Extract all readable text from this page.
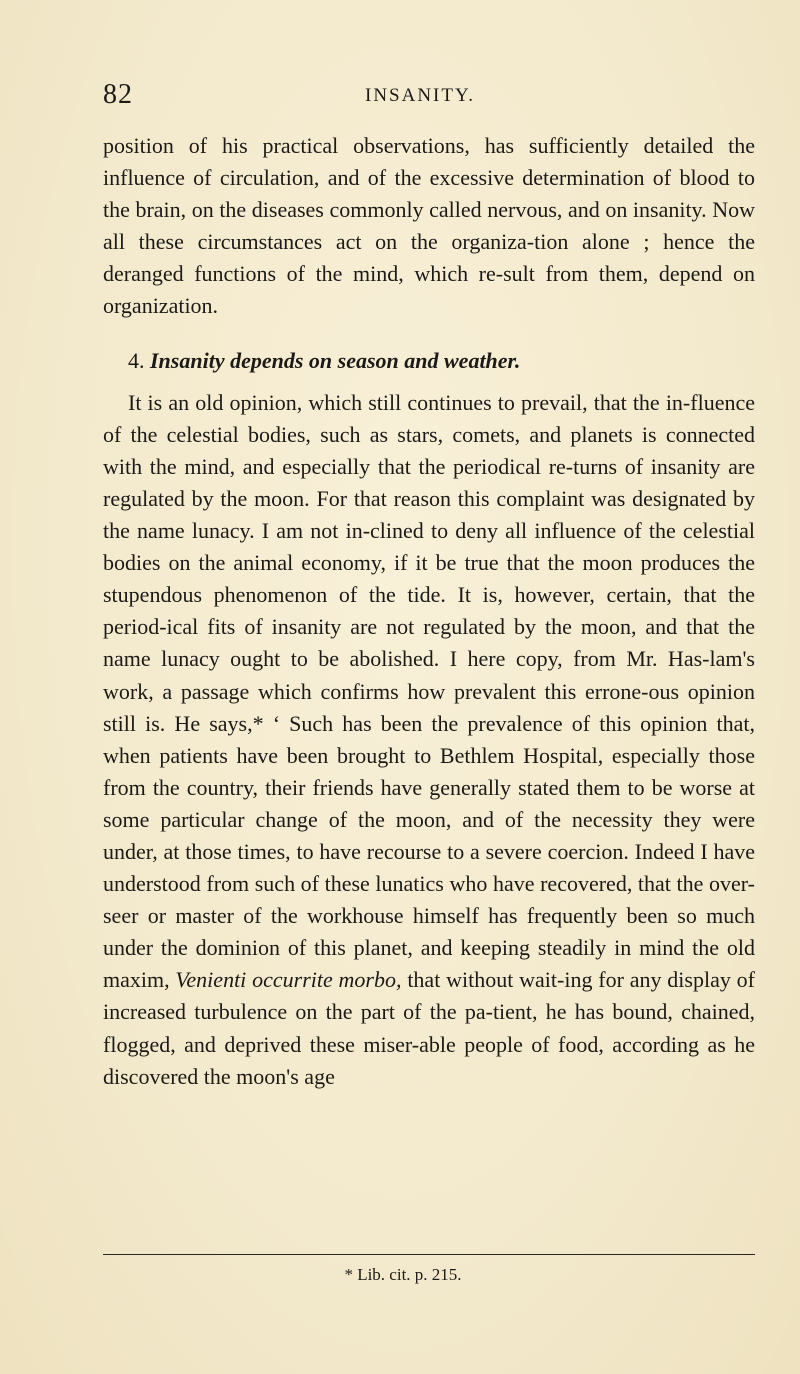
82	INSANITY.

position of his practical observations, has sufficiently detailed the influence of circulation, and of the excessive determination of blood to the brain, on the diseases commonly called nervous, and on insanity. Now all these circumstances act on the organiza-tion alone ; hence the deranged functions of the mind, which re-sult from them, depend on organization.

4. Insanity depends on season and weather.

It is an old opinion, which still continues to prevail, that the in-fluence of the celestial bodies, such as stars, comets, and planets is connected with the mind, and especially that the periodical re-turns of insanity are regulated by the moon. For that reason this complaint was designated by the name lunacy. I am not in-clined to deny all influence of the celestial bodies on the animal economy, if it be true that the moon produces the stupendous phenomenon of the tide. It is, however, certain, that the period-ical fits of insanity are not regulated by the moon, and that the name lunacy ought to be abolished. I here copy, from Mr. Has-lam's work, a passage which confirms how prevalent this errone-ous opinion still is. He says,* ‘ Such has been the prevalence of this opinion that, when patients have been brought to Bethlem Hospital, especially those from the country, their friends have generally stated them to be worse at some particular change of the moon, and of the necessity they were under, at those times, to have recourse to a severe coercion. Indeed I have understood from such of these lunatics who have recovered, that the over-seer or master of the workhouse himself has frequently been so much under the dominion of this planet, and keeping steadily in mind the old maxim, Venienti occurrite morbo, that without wait-ing for any display of increased turbulence on the part of the pa-tient, he has bound, chained, flogged, and deprived these miser-able people of food, according as he discovered the moon's age

* Lib. cit. p. 215.
